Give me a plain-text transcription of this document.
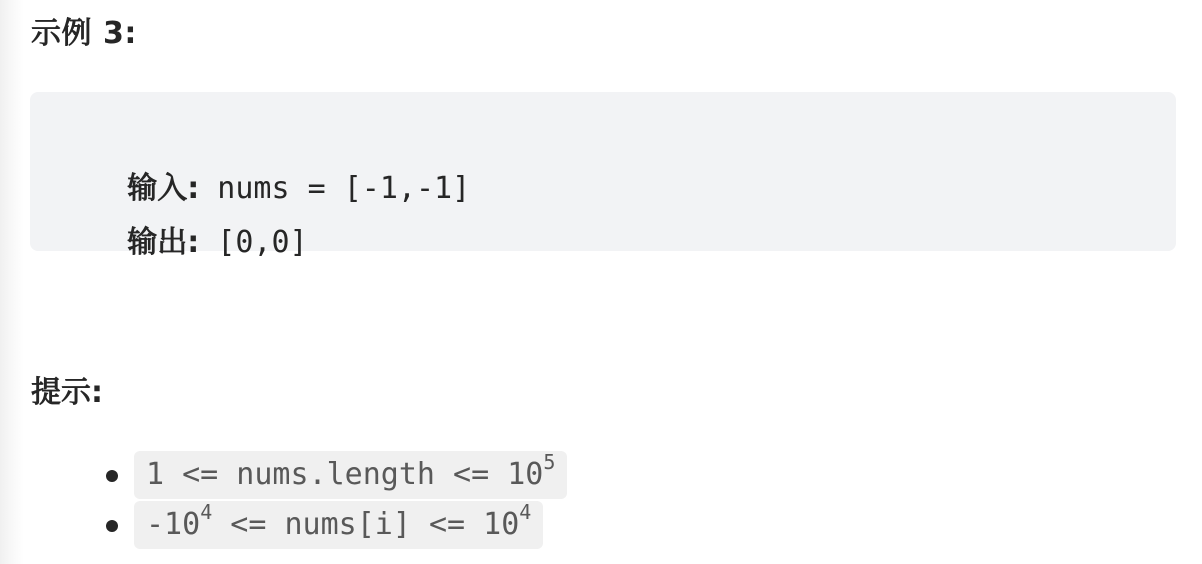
示例 3:

输入: nums = [-1,-1]

输出: [0,0]

提示:
1 <= nums.length <= $10^5$
$-10^4$ <= nums[i] <= $10^4$
